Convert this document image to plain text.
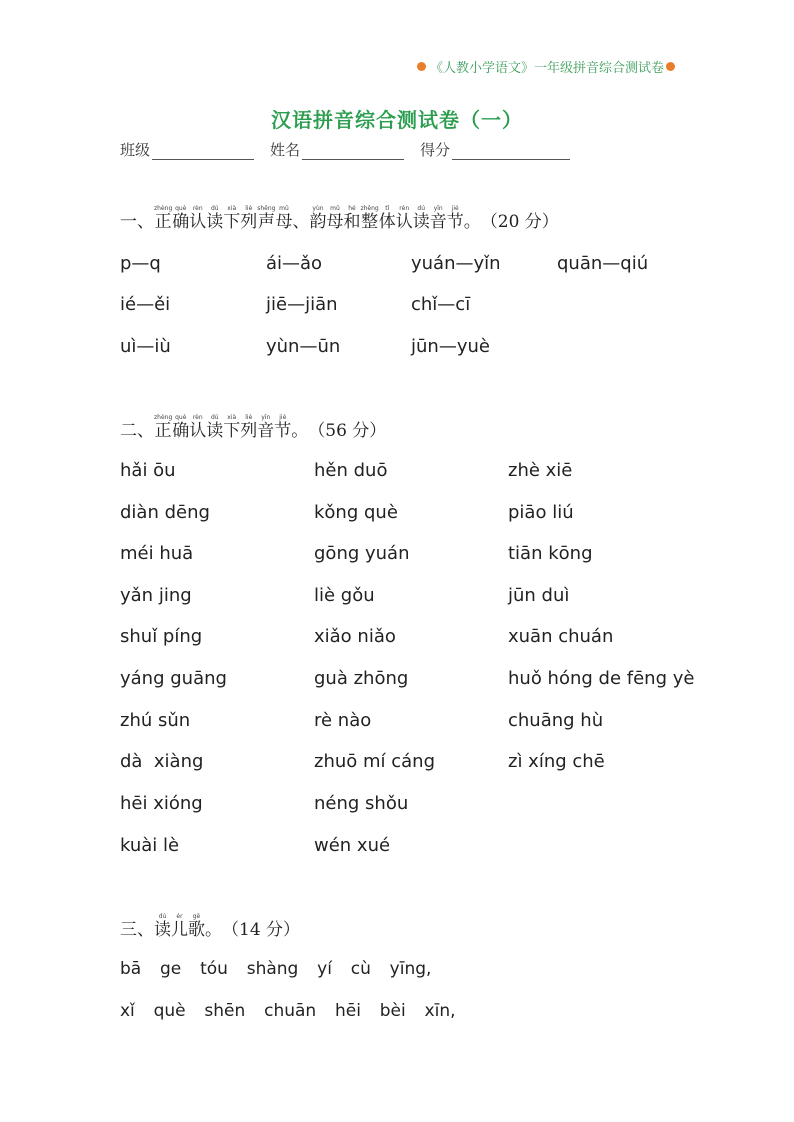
《人教小学语文》一年级拼音综合测试卷
汉语拼音综合测试卷（一）
班级	姓名	得分
一、 正zhèng确què认rèn读dú下xià列liè声shēng母mǔ、韵yùn母mǔ和hé整zhěng体tǐ认rèn读dú音yīn节jié。 （20 分）
p—q	ái—ǎo	yuán—yǐn	quān—qiú
ié—ěi	jiē—jiān	chǐ—cī
uì—iù	yùn—ūn	jūn—yuè
二、 正zhèng确què认rèn读dú下xià列liè音yīn节jié。 （56 分）
hǎi ōu	hěn duō	zhè xiē
diàn dēng	kǒng què	piāo liú
méi huā	gōng yuán	tiān kōng
yǎn jing	liè gǒu	jūn duì
shuǐ píng	xiǎo niǎo	xuān chuán
yáng guāng	guà zhōng	huǒ hóng de fēng yè
zhú sǔn	rè nào	chuāng hù
dà  xiàng	zhuō mí cáng	zì xíng chē
hēi xióng	néng shǒu
kuài lè	wén xué
三、 读dú儿ér歌gē。 （14 分）
bā  ge  tóu  shàng  yí  cù  yīng,
xǐ  què  shēn  chuān  hēi  bèi  xīn,
